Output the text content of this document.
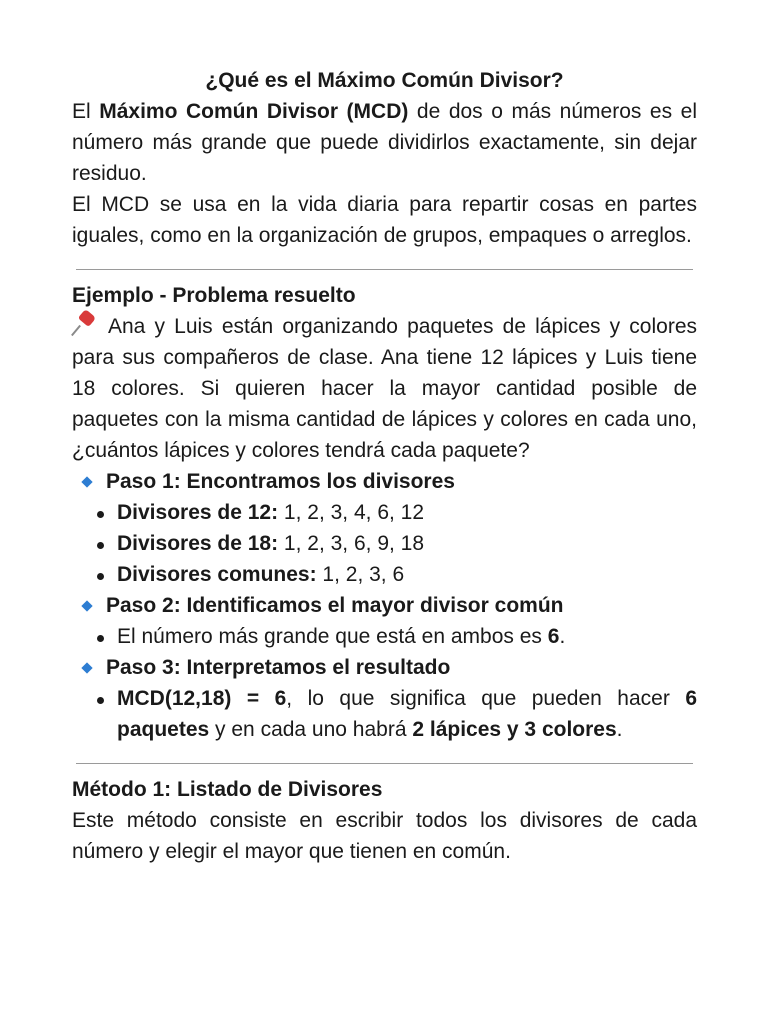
¿Qué es el Máximo Común Divisor?

El Máximo Común Divisor (MCD) de dos o más números es el número más grande que puede dividirlos exactamente, sin dejar residuo.

El MCD se usa en la vida diaria para repartir cosas en partes iguales, como en la organización de grupos, empaques o arreglos.

Ejemplo - Problema resuelto

Ana y Luis están organizando paquetes de lápices y colores para sus compañeros de clase. Ana tiene 12 lápices y Luis tiene 18 colores. Si quieren hacer la mayor cantidad posible de paquetes con la misma cantidad de lápices y colores en cada uno, ¿cuántos lápices y colores tendrá cada paquete?

Paso 1: Encontramos los divisores
Divisores de 12: 1, 2, 3, 4, 6, 12
Divisores de 18: 1, 2, 3, 6, 9, 18
Divisores comunes: 1, 2, 3, 6
Paso 2: Identificamos el mayor divisor común
El número más grande que está en ambos es 6.
Paso 3: Interpretamos el resultado
MCD(12,18) = 6, lo que significa que pueden hacer 6 paquetes y en cada uno habrá 2 lápices y 3 colores.

Método 1: Listado de Divisores

Este método consiste en escribir todos los divisores de cada número y elegir el mayor que tienen en común.
